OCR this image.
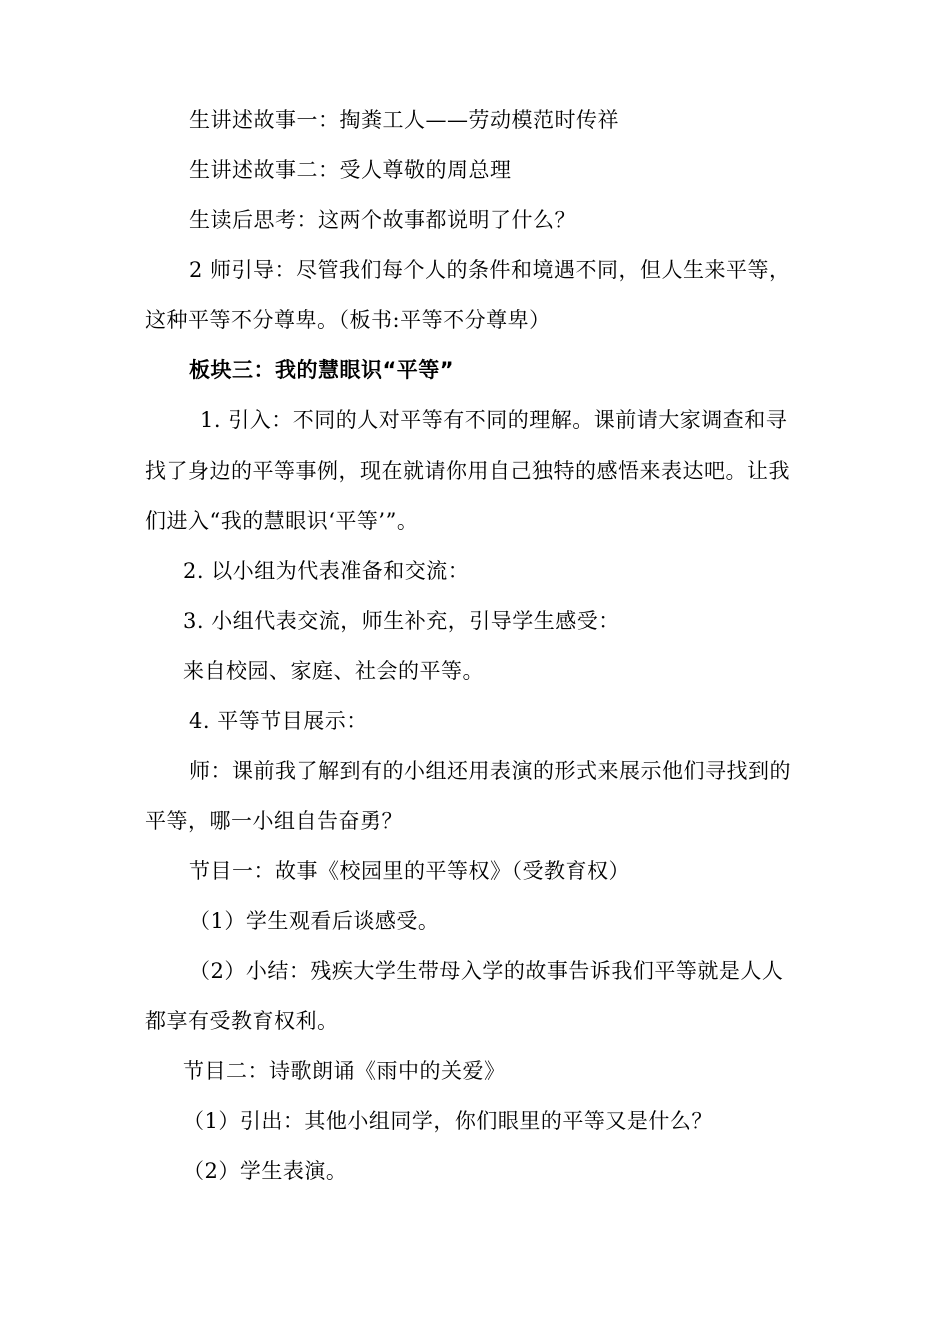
生讲述故事一：掏粪工人——劳动模范时传祥
生讲述故事二：受人尊敬的周总理
生读后思考：这两个故事都说明了什么？
2 师引导：尽管我们每个人的条件和境遇不同，但人生来平等，
这种平等不分尊卑。（板书:平等不分尊卑）
板块三：我的慧眼识“平等”
1. 引入：不同的人对平等有不同的理解。课前请大家调查和寻
找了身边的平等事例，现在就请你用自己独特的感悟来表达吧。让我
们进入“我的慧眼识‘平等’”。
2. 以小组为代表准备和交流：
3. 小组代表交流，师生补充，引导学生感受：
来自校园、家庭、社会的平等。
4. 平等节目展示：
师：课前我了解到有的小组还用表演的形式来展示他们寻找到的
平等，哪一小组自告奋勇？
节目一：故事《校园里的平等权》（受教育权）
（1）学生观看后谈感受。
（2）小结：残疾大学生带母入学的故事告诉我们平等就是人人
都享有受教育权利。
节目二：诗歌朗诵《雨中的关爱》
（1）引出：其他小组同学，你们眼里的平等又是什么？
（2）学生表演。
